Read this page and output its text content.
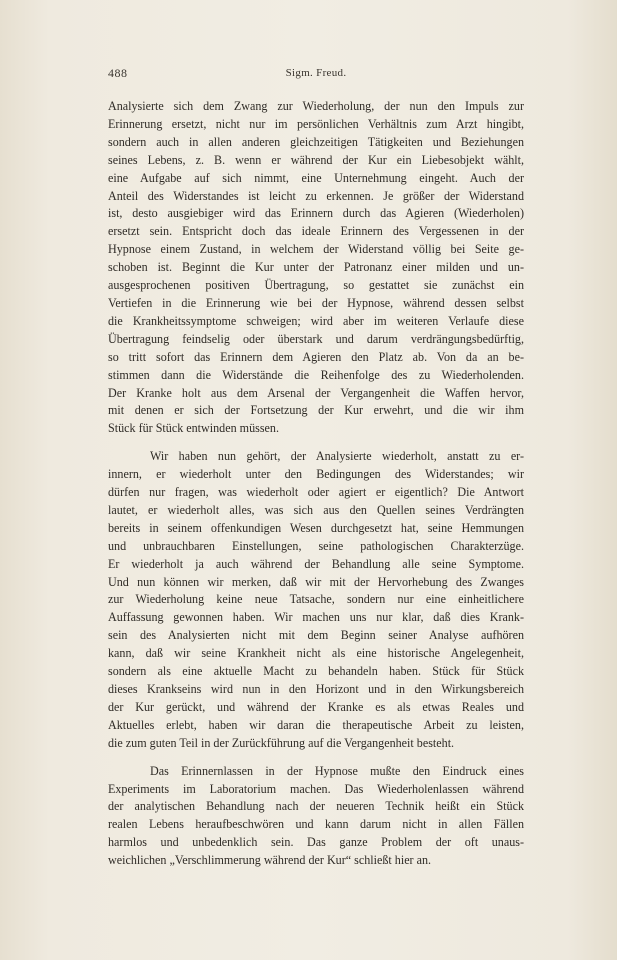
488	Sigm. Freud.
Analysierte sich dem Zwang zur Wiederholung, der nun den Impuls zur
Erinnerung ersetzt, nicht nur im persönlichen Verhältnis zum Arzt hingibt,
sondern auch in allen anderen gleichzeitigen Tätigkeiten und Beziehungen
seines Lebens, z. B. wenn er während der Kur ein Liebesobjekt wählt,
eine Aufgabe auf sich nimmt, eine Unternehmung eingeht. Auch der
Anteil des Widerstandes ist leicht zu erkennen. Je größer der Widerstand
ist, desto ausgiebiger wird das Erinnern durch das Agieren (Wiederholen)
ersetzt sein. Entspricht doch das ideale Erinnern des Vergessenen in der
Hypnose einem Zustand, in welchem der Widerstand völlig bei Seite ge-
schoben ist. Beginnt die Kur unter der Patronanz einer milden und un-
ausgesprochenen positiven Übertragung, so gestattet sie zunächst ein
Vertiefen in die Erinnerung wie bei der Hypnose, während dessen selbst
die Krankheitssymptome schweigen; wird aber im weiteren Verlaufe diese
Übertragung feindselig oder überstark und darum verdrängungsbedürftig,
so tritt sofort das Erinnern dem Agieren den Platz ab. Von da an be-
stimmen dann die Widerstände die Reihenfolge des zu Wiederholenden.
Der Kranke holt aus dem Arsenal der Vergangenheit die Waffen hervor,
mit denen er sich der Fortsetzung der Kur erwehrt, und die wir ihm
Stück für Stück entwinden müssen.
Wir haben nun gehört, der Analysierte wiederholt, anstatt zu er-
innern, er wiederholt unter den Bedingungen des Widerstandes; wir
dürfen nur fragen, was wiederholt oder agiert er eigentlich? Die Antwort
lautet, er wiederholt alles, was sich aus den Quellen seines Verdrängten
bereits in seinem offenkundigen Wesen durchgesetzt hat, seine Hemmungen
und unbrauchbaren Einstellungen, seine pathologischen Charakterzüge.
Er wiederholt ja auch während der Behandlung alle seine Symptome.
Und nun können wir merken, daß wir mit der Hervorhebung des Zwanges
zur Wiederholung keine neue Tatsache, sondern nur eine einheitlichere
Auffassung gewonnen haben. Wir machen uns nur klar, daß dies Krank-
sein des Analysierten nicht mit dem Beginn seiner Analyse aufhören
kann, daß wir seine Krankheit nicht als eine historische Angelegenheit,
sondern als eine aktuelle Macht zu behandeln haben. Stück für Stück
dieses Krankseins wird nun in den Horizont und in den Wirkungsbereich
der Kur gerückt, und während der Kranke es als etwas Reales und
Aktuelles erlebt, haben wir daran die therapeutische Arbeit zu leisten,
die zum guten Teil in der Zurückführung auf die Vergangenheit besteht.
Das Erinnernlassen in der Hypnose mußte den Eindruck eines
Experiments im Laboratorium machen. Das Wiederholenlassen während
der analytischen Behandlung nach der neueren Technik heißt ein Stück
realen Lebens heraufbeschwören und kann darum nicht in allen Fällen
harmlos und unbedenklich sein. Das ganze Problem der oft unaus-
weichlichen „Verschlimmerung während der Kur“ schließt hier an.
